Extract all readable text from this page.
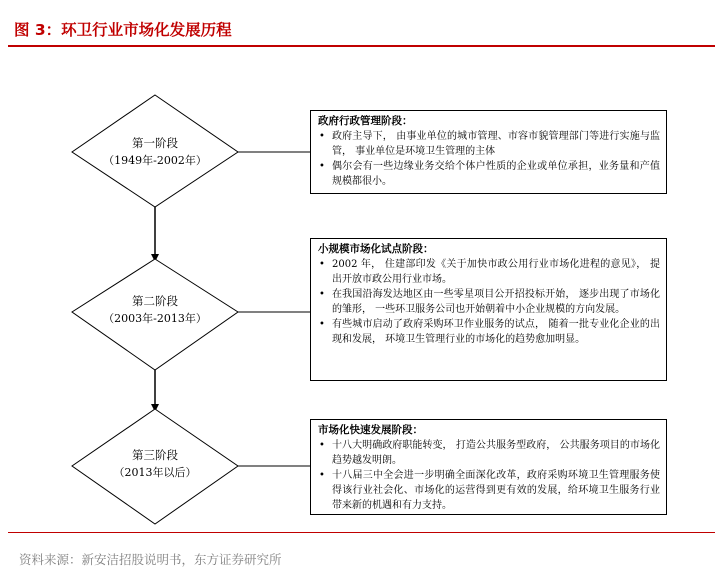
图 3：环卫行业市场化发展历程
第一阶段
（1949年-2002年）
第二阶段
（2003年-2013年）
第三阶段
（2013年以后）
政府行政管理阶段：
• 政府主导下， 由事业单位的城市管理、市容市貌管理部门等进行实施与监管， 事业单位是环境卫生管理的主体
• 偶尔会有一些边缘业务交给个体户性质的企业或单位承担，业务量和产值规模都很小。
小规模市场化试点阶段：
• 2002 年， 住建部印发《关于加快市政公用行业市场化进程的意见》， 提出开放市政公用行业市场。
• 在我国沿海发达地区由一些零星项目公开招投标开始， 逐步出现了市场化的雏形， 一些环卫服务公司也开始朝着中小企业规模的方向发展。
• 有些城市启动了政府采购环卫作业服务的试点， 随着一批专业化企业的出现和发展， 环境卫生管理行业的市场化的趋势愈加明显。
市场化快速发展阶段：
• 十八大明确政府职能转变， 打造公共服务型政府， 公共服务项目的市场化趋势越发明朗。
• 十八届三中全会进一步明确全面深化改革，政府采购环境卫生管理服务使得该行业社会化、市场化的运营得到更有效的发展，给环境卫生服务行业带来新的机遇和有力支持。
资料来源：新安洁招股说明书，东方证券研究所
